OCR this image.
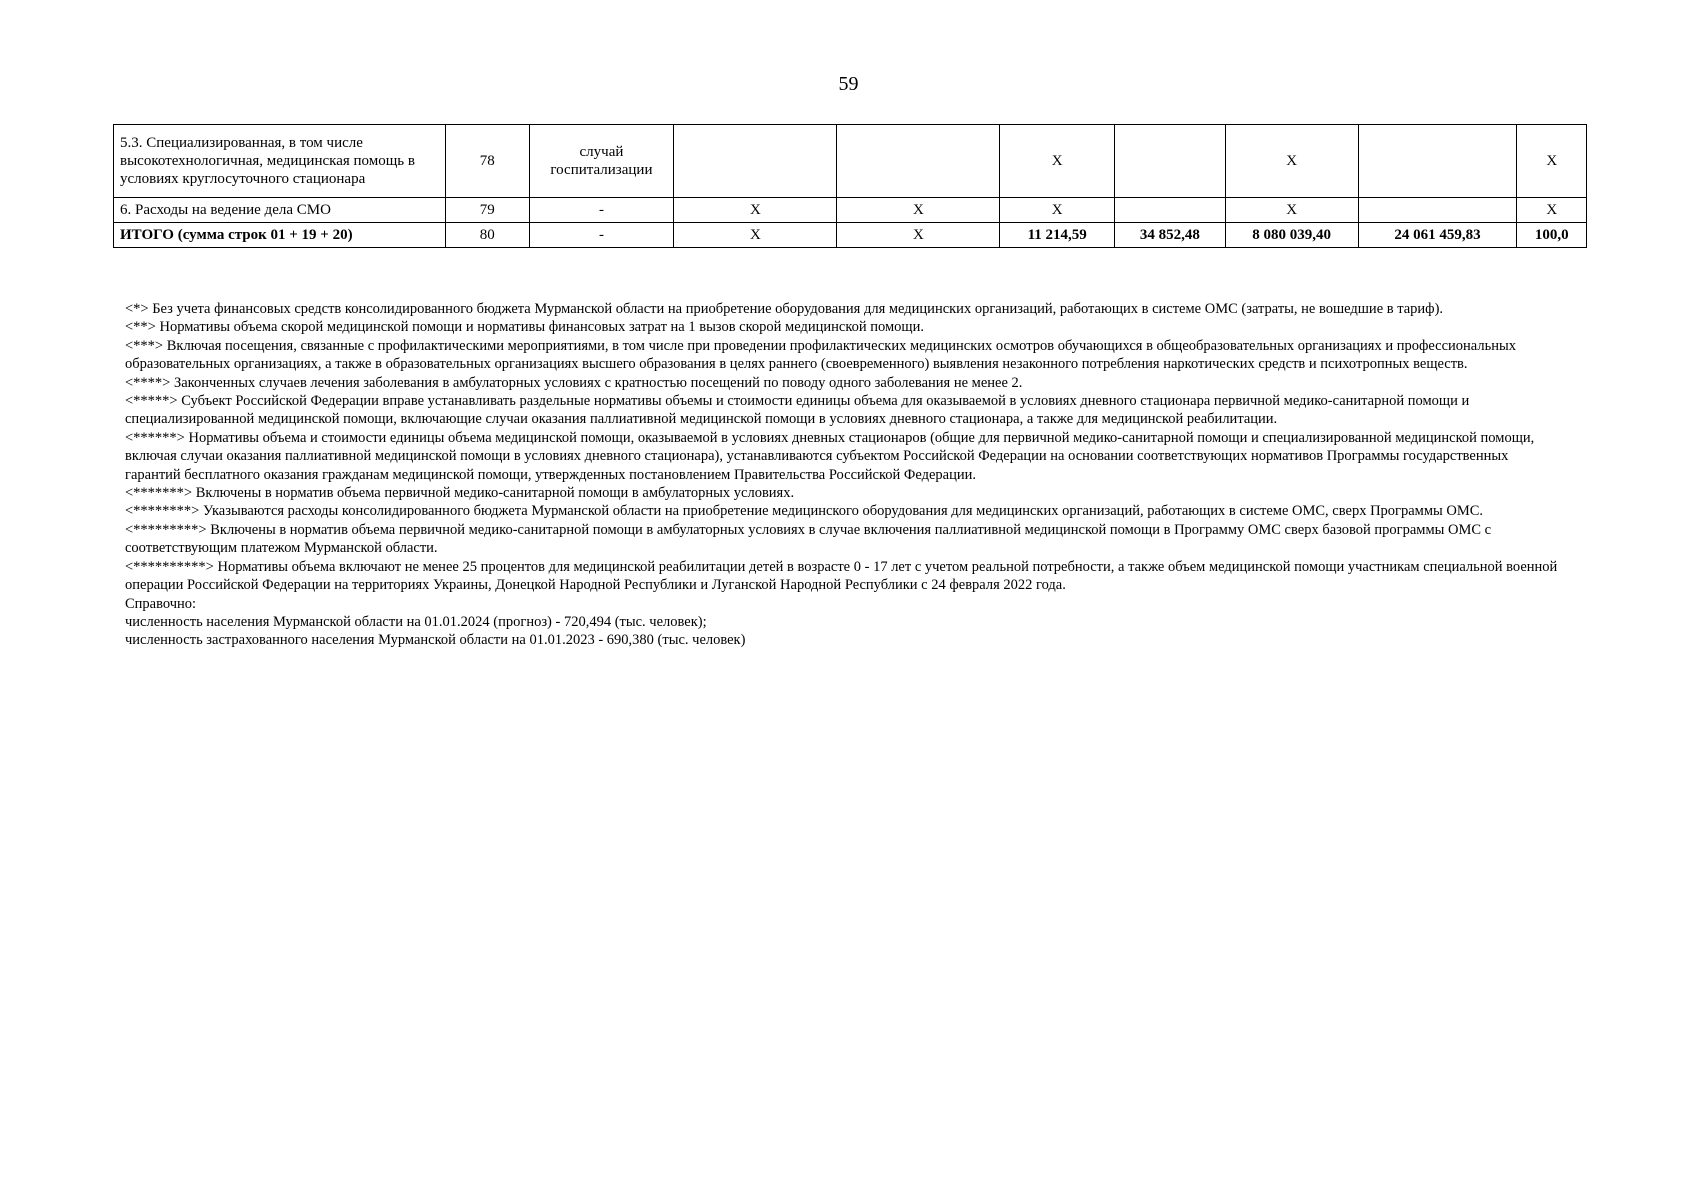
59
5.3. Специализированная, в том числе высокотехнологичная, медицинская помощь в условиях круглосуточного стационара	78	случай госпитализации			Х		Х		Х
6. Расходы на ведение дела СМО	79	-	Х	Х	Х		Х		Х
ИТОГО (сумма строк 01 + 19 + 20)	80	-	Х	Х	11 214,59	34 852,48	8 080 039,40	24 061 459,83	100,0

<*> Без учета финансовых средств консолидированного бюджета Мурманской области на приобретение оборудования для медицинских организаций, работающих в системе ОМС (затраты, не вошедшие в тариф).

<**> Нормативы объема скорой медицинской помощи и нормативы финансовых затрат на 1 вызов скорой медицинской помощи.

<***> Включая посещения, связанные с профилактическими мероприятиями, в том числе при проведении профилактических медицинских осмотров обучающихся в общеобразовательных организациях и профессиональных образовательных организациях, а также в образовательных организациях высшего образования в целях раннего (своевременного) выявления незаконного потребления наркотических средств и психотропных веществ.

<****> Законченных случаев лечения заболевания в амбулаторных условиях с кратностью посещений по поводу одного заболевания не менее 2.

<*****> Субъект Российской Федерации вправе устанавливать раздельные нормативы объемы и стоимости единицы объема для оказываемой в условиях дневного стационара первичной медико-санитарной помощи и специализированной медицинской помощи, включающие случаи оказания паллиативной медицинской помощи в условиях дневного стационара, а также для медицинской реабилитации.

<******> Нормативы объема и стоимости единицы объема медицинской помощи, оказываемой в условиях дневных стационаров (общие для первичной медико-санитарной помощи и специализированной медицинской помощи, включая случаи оказания паллиативной медицинской помощи в условиях дневного стационара), устанавливаются субъектом Российской Федерации на основании соответствующих нормативов Программы государственных гарантий бесплатного оказания гражданам медицинской помощи, утвержденных постановлением Правительства Российской Федерации.

<*******> Включены в норматив объема первичной медико-санитарной помощи в амбулаторных условиях.

<********> Указываются расходы консолидированного бюджета Мурманской области на приобретение медицинского оборудования для медицинских организаций, работающих в системе ОМС, сверх Программы ОМС.

<*********> Включены в норматив объема первичной медико-санитарной помощи в амбулаторных условиях в случае включения паллиативной медицинской помощи в Программу ОМС сверх базовой программы ОМС с соответствующим платежом Мурманской области.

<**********> Нормативы объема включают не менее 25 процентов для медицинской реабилитации детей в возрасте 0 - 17 лет с учетом реальной потребности, а также объем медицинской помощи участникам специальной военной операции Российской Федерации на территориях Украины, Донецкой Народной Республики и Луганской Народной Республики с 24 февраля 2022 года.

Справочно:

численность населения Мурманской области на 01.01.2024 (прогноз) - 720,494 (тыс. человек);

численность застрахованного населения Мурманской области на 01.01.2023 - 690,380 (тыс. человек)
